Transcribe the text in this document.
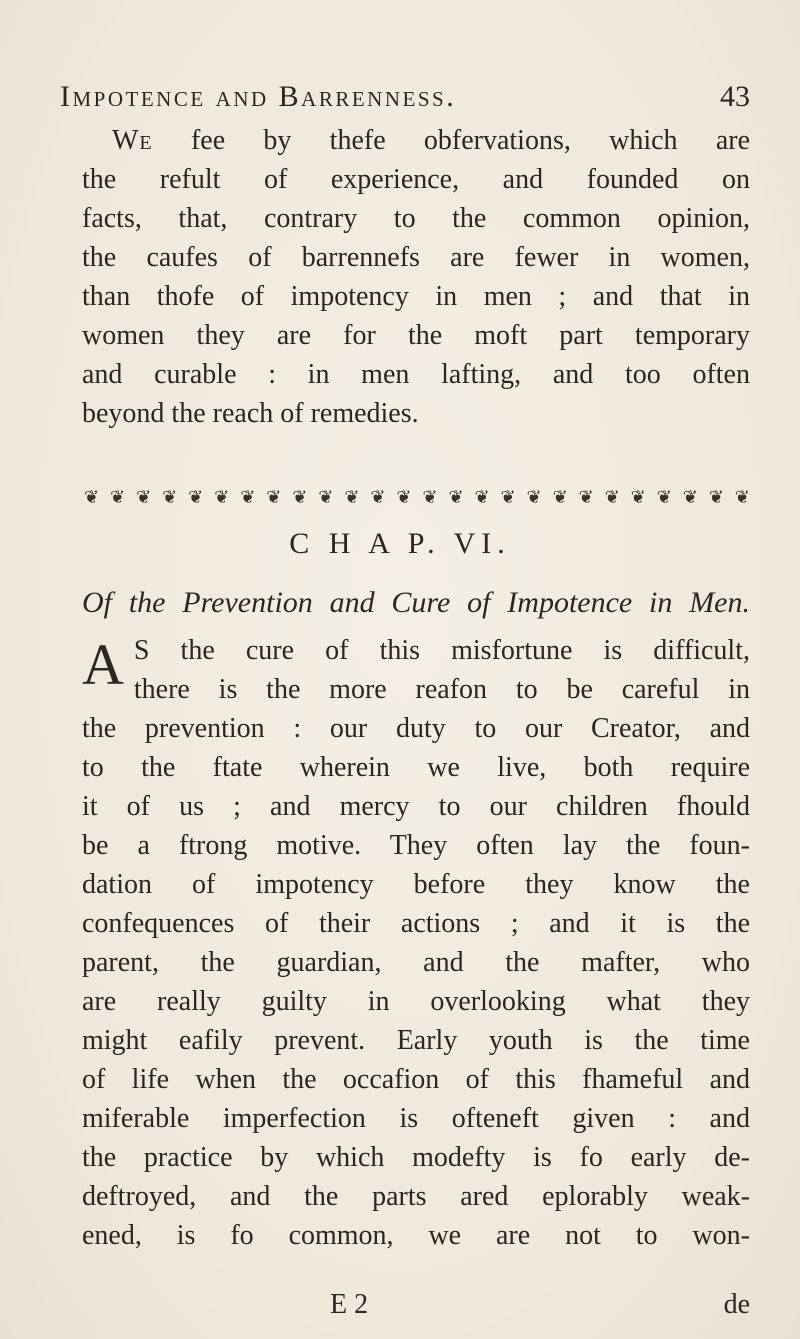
Impotence and Barrenness.	43
We fee by thefe obfervations, which are
the refult of experience, and founded on
facts, that, contrary to the common opinion,
the caufes of barrennefs are fewer in women,
than thofe of impotency in men ; and that in
women they are for the moft part temporary
and curable : in men lafting, and too often
beyond the reach of remedies.
❦ ❦ ❦ ❦ ❦ ❦ ❦ ❦ ❦ ❦ ❦ ❦ ❦ ❦ ❦ ❦ ❦ ❦ ❦ ❦ ❦ ❦ ❦ ❦ ❦ ❦
C H A P. VI.
Of the Prevention and Cure of Impotence in Men.
A S the cure of this misfortune is difficult,
there is the more reafon to be careful in
the prevention : our duty to our Creator, and
to the ftate wherein we live, both require
it of us ; and mercy to our children fhould
be a ftrong motive. They often lay the foun-
dation of impotency before they know the
confequences of their actions ; and it is the
parent, the guardian, and the mafter, who
are really guilty in overlooking what they
might eafily prevent. Early youth is the time
of life when the occafion of this fhameful and
miferable imperfection is ofteneft given : and
the practice by which modefty is fo early de-
deftroyed, and the parts ared eplorably weak-
ened, is fo common, we are not to won-
E 2	de
